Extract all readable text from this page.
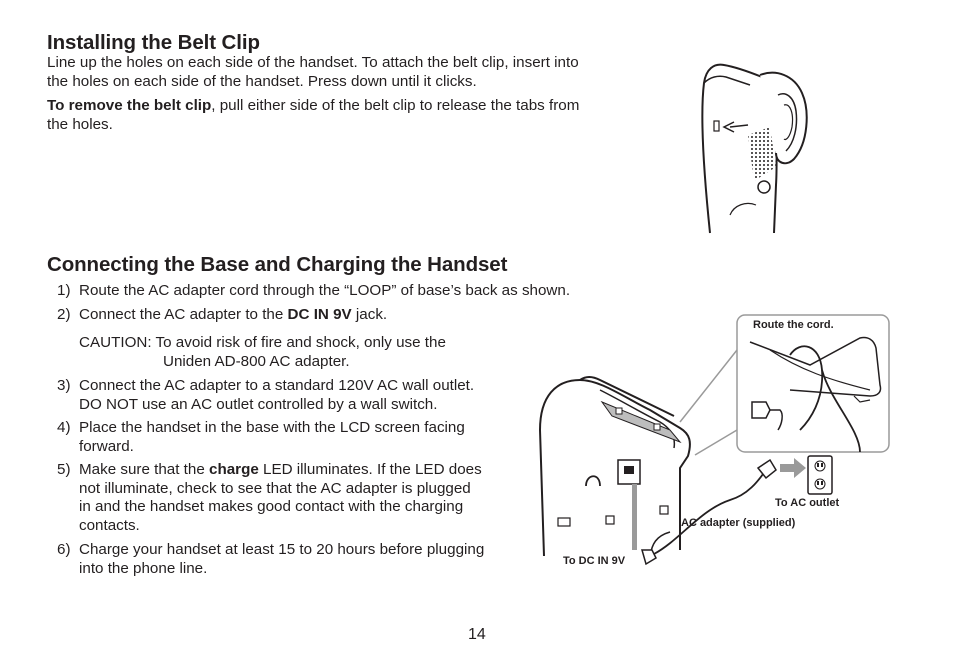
Installing the Belt Clip
Line up the holes on each side of the handset. To attach the belt clip, insert into
the holes on each side of the handset. Press down until it clicks.
To remove the belt clip, pull either side of the belt clip to release the tabs from
the holes.
Connecting the Base and Charging the Handset
1) Route the AC adapter cord through the “LOOP” of base’s back as shown.
2) Connect the AC adapter to the DC IN 9V jack.
CAUTION: To avoid risk of fire and shock, only use the
Uniden AD-800 AC adapter.
3) Connect the AC adapter to a standard 120V AC wall outlet.
DO NOT use an AC outlet controlled by a wall switch.
4) Place the handset in the base with the LCD screen facing
forward.
5) Make sure that the charge LED illuminates. If the LED does
not illuminate, check to see that the AC adapter is plugged
in and the handset makes good contact with the charging
contacts.
6) Charge your handset at least 15 to 20 hours before plugging
into the phone line.
Route the cord.
To AC outlet
AC adapter (supplied)
To DC IN 9V
14
